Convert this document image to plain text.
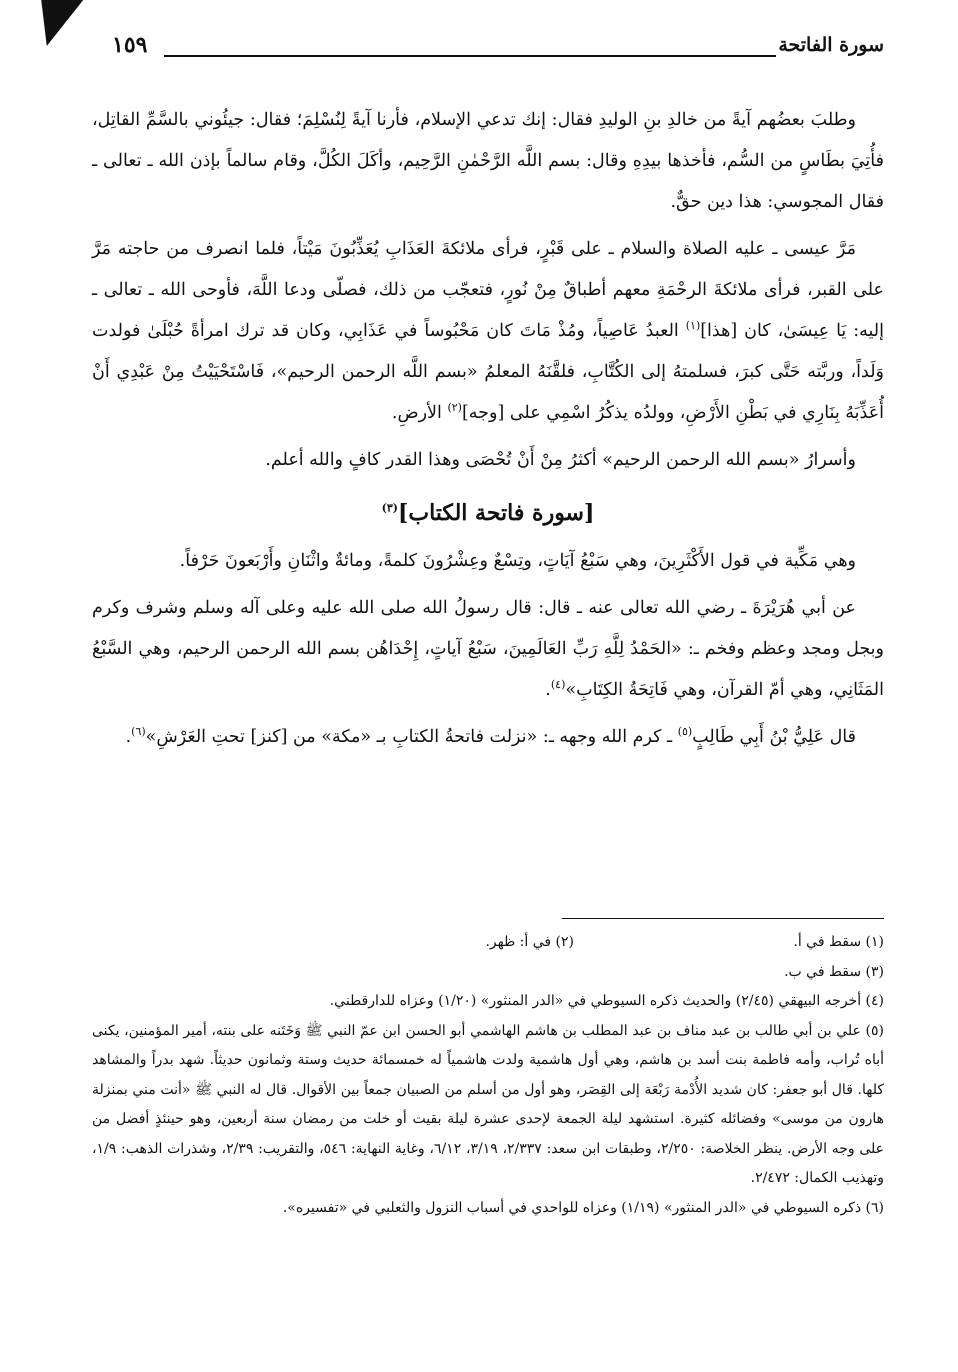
سورة الفاتحة
١٥٩

وطلبَ بعضُهم آيةً من خالدِ بنِ الوليدِ فقال: إنك تدعي الإسلام، فأرنا آيةً لِنُسْلِمَ؛ فقال: جيئُوني بالسَّمِّ القاتِل، فأُتِيَ بطَاسٍ من السُّم، فأخذها بيدِهِ وقال: بسم اللَّه الرَّحْمٰنِ الرَّحِيم، وأكَلَ الكُلَّ، وقام سالماً بإذن الله ـ تعالى ـ فقال المجوسي: هذا دين حقٌّ.

مَرَّ عيسى ـ عليه الصلاة والسلام ـ على قَبْرٍ، فرأى ملائكةَ العَذَابِ يُعَذِّبُونَ مَيْتاً، فلما انصرف من حاجته مَرَّ على القبر، فرأى ملائكةَ الرحْمَةِ معهم أطباقٌ مِنْ نُورٍ، فتعجّب من ذلك، فصلّى ودعا اللَّهَ، فأوحى الله ـ تعالى ـ إليه: يَا عِيسَىٰ، كان [هذا]$^{(١)}$ العبدُ عَاصِياً، ومُذْ مَاتَ كان مَحْبُوساً في عَذَابِي، وكان قد ترك امرأةً حُبْلَىٰ فولدت وَلَداً، وربَّته حَتَّى كبرَ، فسلمتهُ إلى الكُتَّابِ، فلقَّنَهُ المعلمُ «بسم اللَّه الرحمن الرحيم»، فَاسْتَحْيَيْتُ مِنْ عَبْدِي أَنْ أُعَذِّبَهُ بِنَارِي في بَطْنِ الأَرْضِ، وولدُه يذكُرُ اسْمِي على [وجه]$^{(٢)}$ الأرضِ.

وأسرارُ «بسم الله الرحمن الرحيم» أكثرُ مِنْ أَنْ تُحْصَى وهذا القدر كافٍ والله أعلم.

[سورة فاتحة الكتاب]$^{(٣)}$

وهي مَكِّية في قول الأَكْثَرِينَ، وهي سَبْعُ آيَاتٍ، وتِسْعٌ وعِشْرُونَ كلمةً، ومائةٌ واثْنَانِ وأَرْبَعونَ حَرْفاً.

عن أبي هُرَيْرَةَ ـ رضي الله تعالى عنه ـ قال: قال رسولُ الله صلى الله عليه وعلى آله وسلم وشرف وكرم وبجل ومجد وعظم وفخم ـ: «الحَمْدُ لِلَّهِ رَبِّ العَالَمِينَ، سَبْعُ آياتٍ، إِحْدَاهُن بسم الله الرحمن الرحيم، وهي السَّبْعُ المَثَانِي، وهي أمّ القرآن، وهي فَاتِحَةُ الكِتَابِ»$^{(٤)}$.

قال عَلِيُّ بْنُ أَبِي طَالِبٍ$^{(٥)}$ ـ كرم الله وجهه ـ: «نزلت فاتحةُ الكتابِ بـ «مكة» من [كنز] تحتِ العَرْشِ»$^{(٦)}$.

(١) سقط في أ.
(٢) في أ: ظهر.
(٣) سقط في ب.
(٤) أخرجه البيهقي (٢/٤٥) والحديث ذكره السيوطي في «الدر المنثور» (١/٢٠) وعزاه للدارقطني.
(٥) علي بن أبي طالب بن عبد مناف بن عبد المطلب بن هاشم الهاشمي أبو الحسن ابن عمّ النبي ﷺ وَخَتَنه على بنته، أمير المؤمنين، يكنى أباه تُراب، وأمه فاطمة بنت أسد بن هاشم، وهي أول هاشمية ولدت هاشمياً له خمسمائة حديث وستة وثمانون حديثاً. شهد بدراً والمشاهد كلها. قال أبو جعفر: كان شديد الأُدْمة رَبْعَة إلى القِصَر، وهو أول من أسلم من الصبيان جمعاً بين الأقوال. قال له النبي ﷺ «أنت مني بمنزلة هارون من موسى» وفضائله كثيرة. استشهد ليلة الجمعة لإحدى عشرة ليلة بقيت أو خلت من رمضان سنة أربعين، وهو حينئذٍ أفضل من على وجه الأرض. ينظر الخلاصة: ٢/٢٥٠، وطبقات ابن سعد: ٢/٣٣٧، ٣/١٩، ٦/١٢، وغاية النهاية: ٥٤٦، والتقريب: ٢/٣٩، وشذرات الذهب: ١/٩، وتهذيب الكمال: ٢/٤٧٢.
(٦) ذكره السيوطي في «الدر المنثور» (١/١٩) وعزاه للواحدي في أسباب النزول والثعلبي في «تفسيره».
